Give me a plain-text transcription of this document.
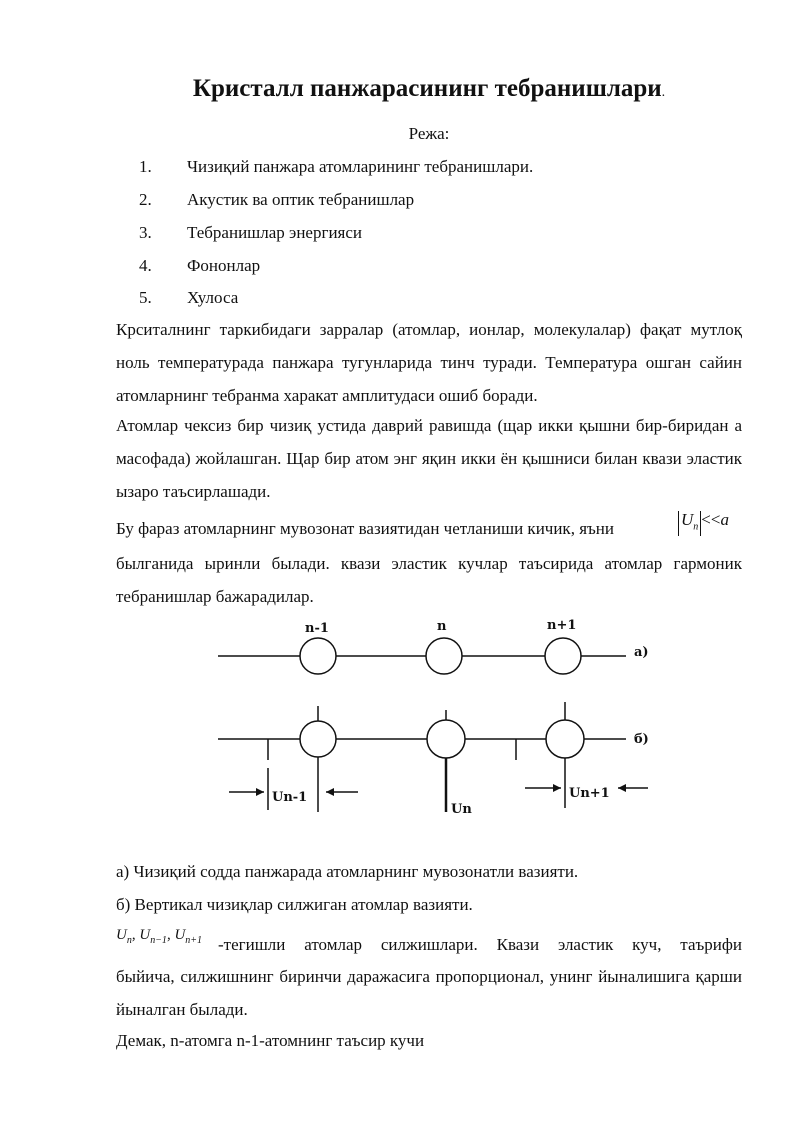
Кристалл панжарасининг тебранишлари.
Режа:
1. Чизиқий панжара атомларининг тебранишлари.
2. Акустик ва оптик тебранишлар
3. Тебранишлар энергияси
4. Фононлар
5. Хулоса
Крситалнинг таркибидаги зарралар (атомлар, ионлар, молекулалар) фақат мутлоқ ноль температурада панжара тугунларида тинч туради. Температура ошган сайин атомларнинг тебранма харакат амплитудаси ошиб боради.
Атомлар чексиз бир чизиқ устида даврий равишда (щар икки қышни бир-биридан а масофада) жойлашган. Щар бир атом энг яқин икки ён қышниси билан квази эластик ызаро таъсирлашади.
Бу фараз атомларнинг мувозонат вазиятидан четланиши кичик, яъни	$U_n <<a$
былганида ыринли былади. квази эластик кучлар таъсирида атомлар гармоник тебранишлар бажарадилар.
n-1	n	n+1
а)
б)
Un-1
Un
Un+1
а) Чизиқий содда панжарада атомларнинг мувозонатли вазияти.
б) Вертикал чизиқлар силжиган атомлар вазияти.
$U_n$, $U_{n-1}$, $U_{n+1}$ -тегишли атомлар силжишлари. Квази эластик куч, таърифи
быйича, силжишнинг биринчи даражасига пропорционал, унинг йыналишига қарши йыналган былади.
Демак, n-атомга n-1-атомнинг таъсир кучи
